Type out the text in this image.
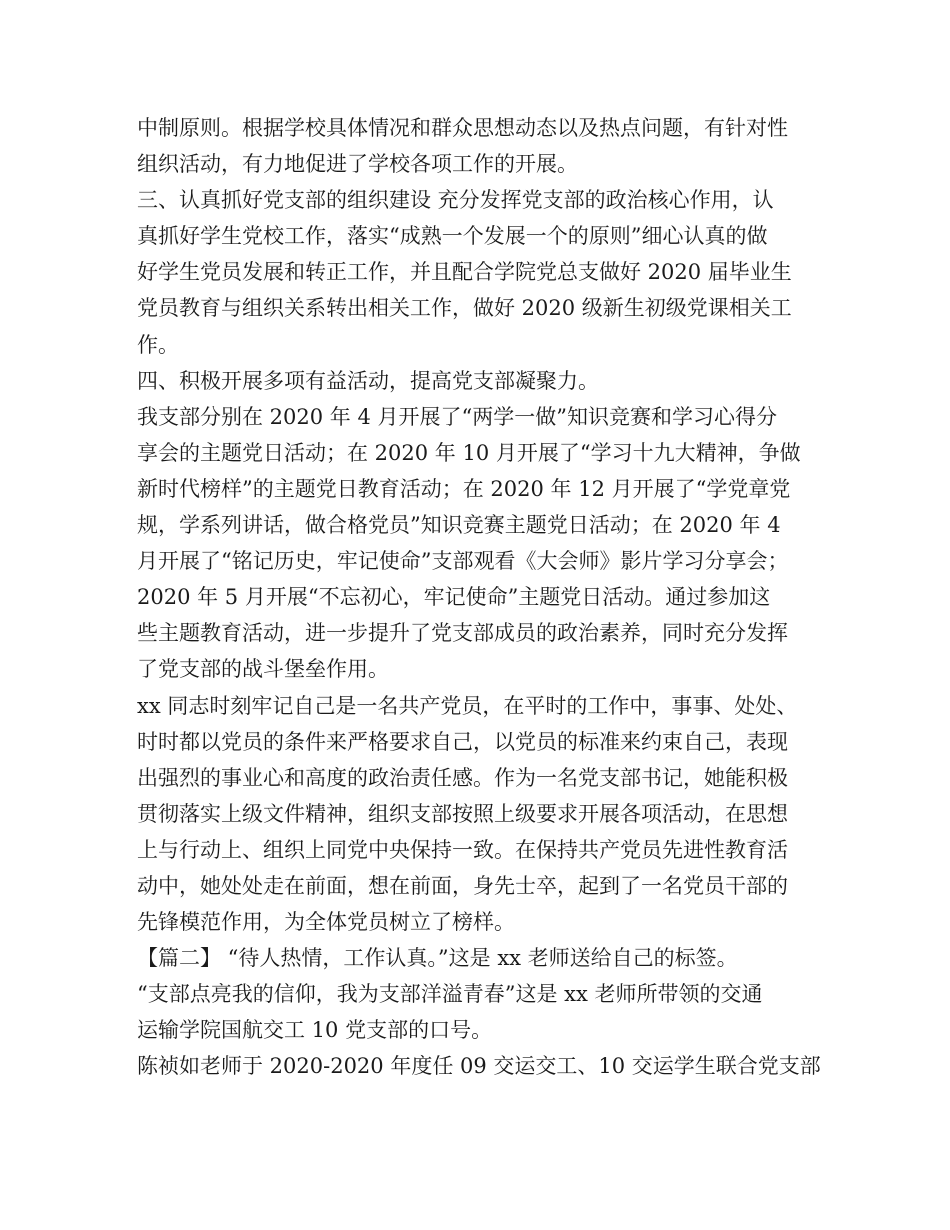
中制原则。根据学校具体情况和群众思想动态以及热点问题，有针对性
组织活动，有力地促进了学校各项工作的开展。
三、认真抓好党支部的组织建设 充分发挥党支部的政治核心作用，认
真抓好学生党校工作，落实“成熟一个发展一个的原则”细心认真的做
好学生党员发展和转正工作，并且配合学院党总支做好 2020 届毕业生
党员教育与组织关系转出相关工作，做好 2020 级新生初级党课相关工
作。
四、积极开展多项有益活动，提高党支部凝聚力。
我支部分别在 2020 年 4 月开展了“两学一做”知识竞赛和学习心得分
享会的主题党日活动；在 2020 年 10 月开展了“学习十九大精神，争做
新时代榜样”的主题党日教育活动；在 2020 年 12 月开展了“学党章党
规，学系列讲话，做合格党员”知识竞赛主题党日活动；在 2020 年 4
月开展了“铭记历史，牢记使命”支部观看《大会师》影片学习分享会；
2020 年 5 月开展“不忘初心，牢记使命”主题党日活动。通过参加这
些主题教育活动，进一步提升了党支部成员的政治素养，同时充分发挥
了党支部的战斗堡垒作用。
xx 同志时刻牢记自己是一名共产党员，在平时的工作中，事事、处处、
时时都以党员的条件来严格要求自己，以党员的标准来约束自己，表现
出强烈的事业心和高度的政治责任感。作为一名党支部书记，她能积极
贯彻落实上级文件精神，组织支部按照上级要求开展各项活动，在思想
上与行动上、组织上同党中央保持一致。在保持共产党员先进性教育活
动中，她处处走在前面，想在前面，身先士卒，起到了一名党员干部的
先锋模范作用，为全体党员树立了榜样。
【篇二】 “待人热情，工作认真。”这是 xx 老师送给自己的标签。
“支部点亮我的信仰，我为支部洋溢青春”这是 xx 老师所带领的交通
运输学院国航交工 10 党支部的口号。
陈祯如老师于 2020-2020 年度任 09 交运交工、10 交运学生联合党支部
